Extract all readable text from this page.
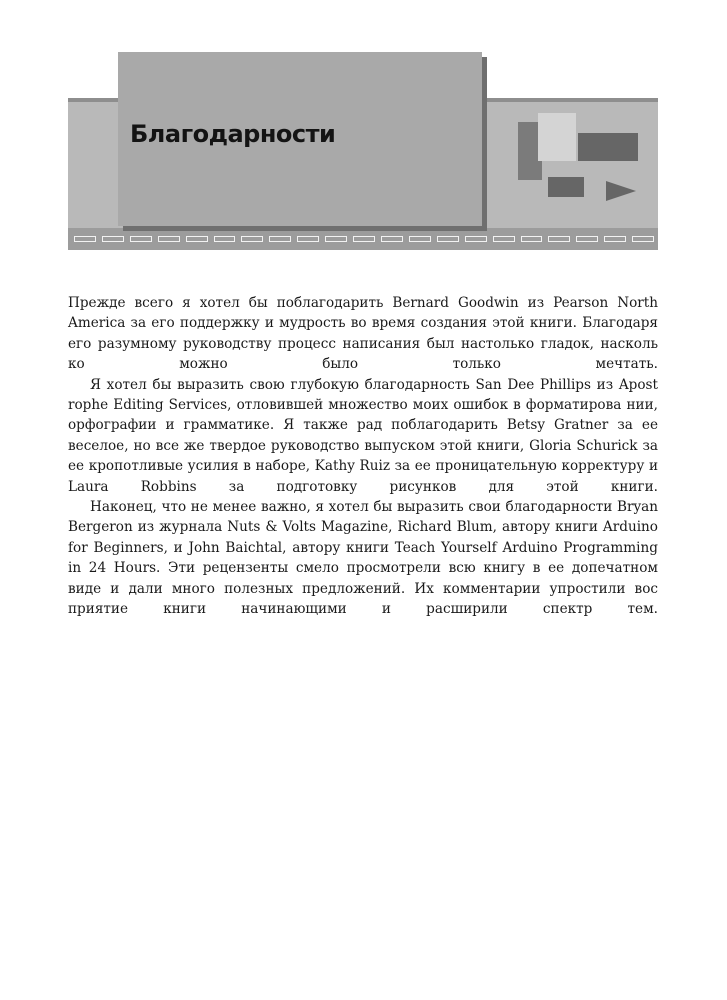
Благодарности

Прежде всего я хотел бы поблагодарить Bernard Goodwin из Pearson North America за его поддержку и мудрость во время создания этой книги. Благодаря его разумному руководству процесс написания был настолько гладок, насколь ко можно было только мечтать.

Я хотел бы выразить свою глубокую благодарность San Dee Phillips из Apost rophe Editing Services, отловившей множество моих ошибок в форматирова нии, орфографии и грамматике. Я также рад поблагодарить Betsy Gratner за ее веселое, но все же твердое руководство выпуском этой книги, Gloria Schurick за ее кропотливые усилия в наборе, Kathy Ruiz за ее проницательную корректуру и Laura Robbins за подготовку рисунков для этой книги.

Наконец, что не менее важно, я хотел бы выразить свои благодарности Bryan Bergeron из журнала Nuts & Volts Magazine, Richard Blum, автору книги Arduino for Beginners, и John Baichtal, автору книги Teach Yourself Arduino Programming in 24 Hours. Эти рецензенты смело просмотрели всю книгу в ее допечатном виде и дали много полезных предложений. Их комментарии упростили вос приятие книги начинающими и расширили спектр тем.
